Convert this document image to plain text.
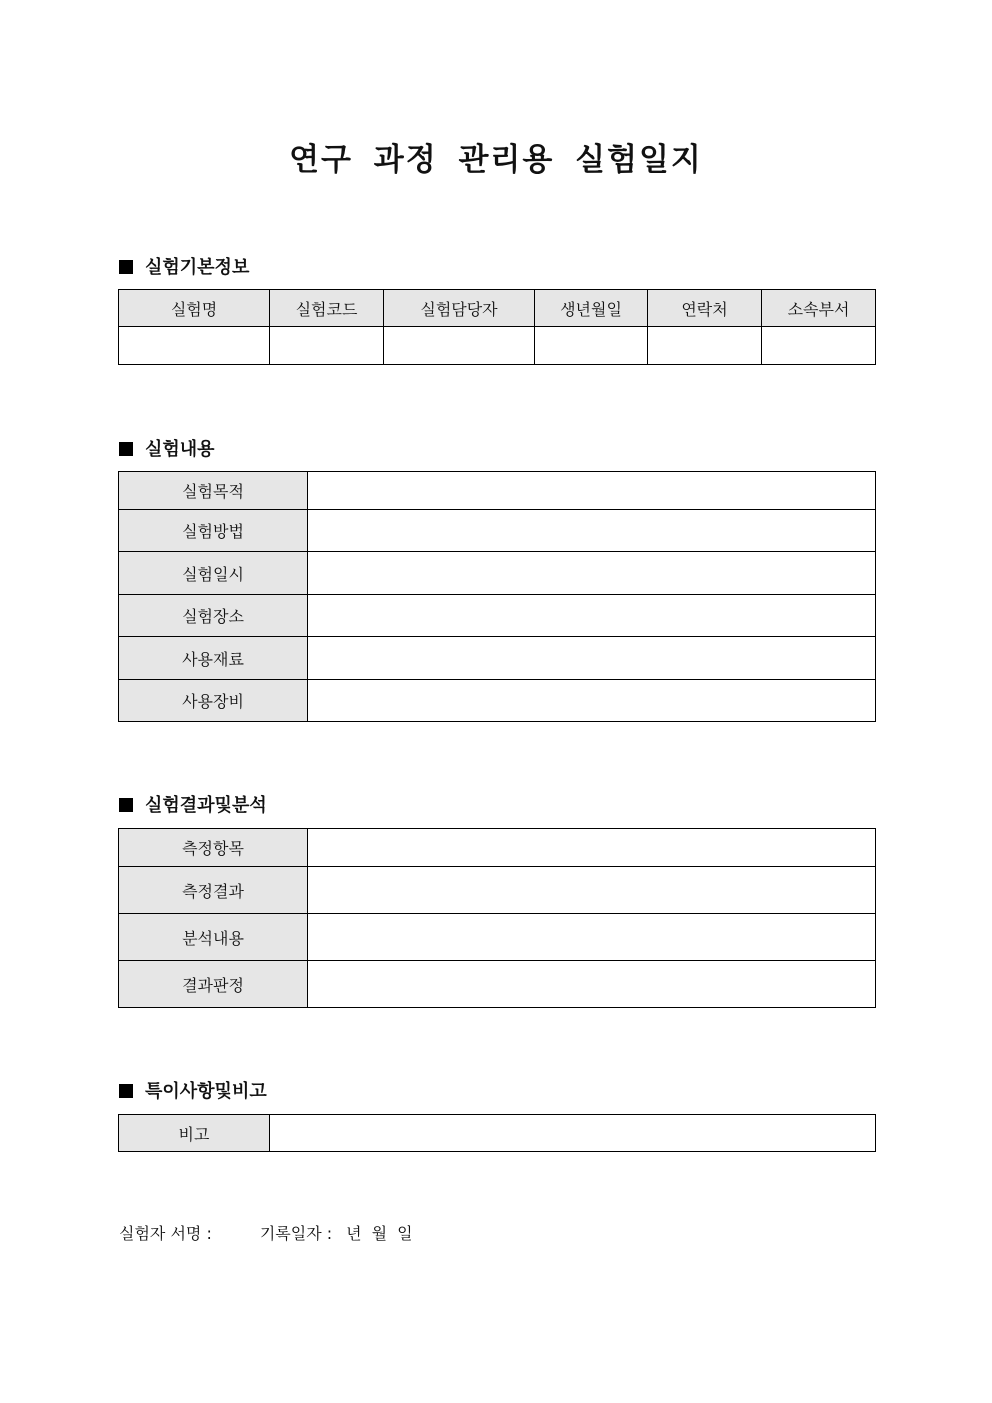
연구 과정 관리용 실험일지
실험기본정보
실험명	실험코드	실험담당자	생년월일	연락처	소속부서

실험내용
실험목적	
실험방법	
실험일시	
실험장소	
사용재료	
사용장비	
실험결과및분석
측정항목	
측정결과	
분석내용	
결과판정	
특이사항및비고
비고	
실험자 서명 :	기록일자 : 년 월 일
